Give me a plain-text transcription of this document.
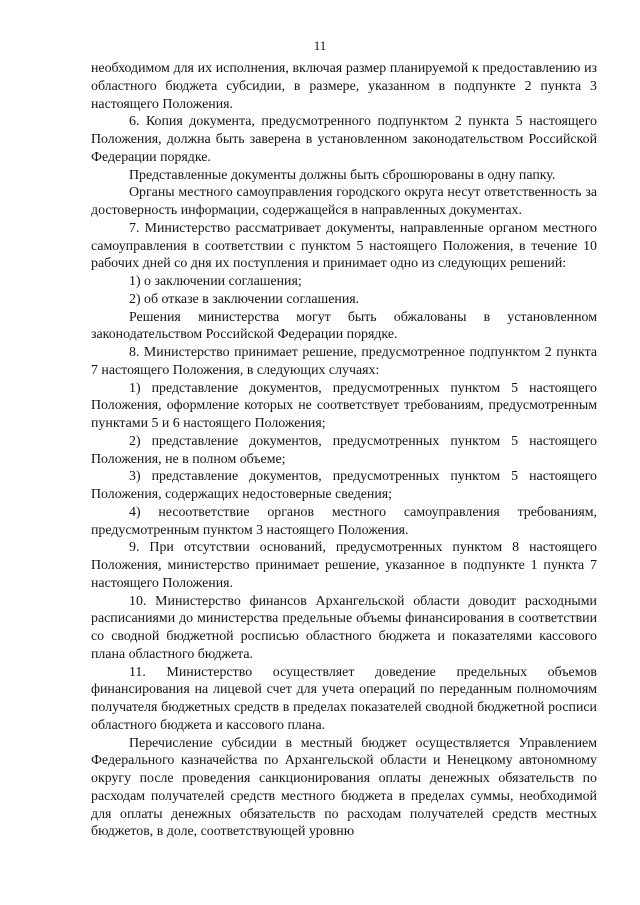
11

необходимом для их исполнения, включая размер планируемой к предоставлению из областного бюджета субсидии, в размере, указанном в подпункте 2 пункта 3 настоящего Положения.

6. Копия документа, предусмотренного подпунктом 2 пункта 5 настоящего Положения, должна быть заверена в установленном законодательством Российской Федерации порядке.

Представленные документы должны быть сброшюрованы в одну папку.

Органы местного самоуправления городского округа несут ответственность за достоверность информации, содержащейся в направленных документах.

7. Министерство рассматривает документы, направленные органом местного самоуправления в соответствии с пунктом 5 настоящего Положения, в течение 10 рабочих дней со дня их поступления и принимает одно из следующих решений:

1) о заключении соглашения;

2) об отказе в заключении соглашения.

Решения министерства могут быть обжалованы в установленном законодательством Российской Федерации порядке.

8. Министерство принимает решение, предусмотренное подпунктом 2 пункта 7 настоящего Положения, в следующих случаях:

1) представление документов, предусмотренных пунктом 5 настоящего Положения, оформление которых не соответствует требованиям, предусмотренным пунктами 5 и 6 настоящего Положения;

2) представление документов, предусмотренных пунктом 5 настоящего Положения, не в полном объеме;

3) представление документов, предусмотренных пунктом 5 настоящего Положения, содержащих недостоверные сведения;

4) несоответствие органов местного самоуправления требованиям, предусмотренным пунктом 3 настоящего Положения.

9. При отсутствии оснований, предусмотренных пунктом 8 настоящего Положения, министерство принимает решение, указанное в подпункте 1 пункта 7 настоящего Положения.

10. Министерство финансов Архангельской области доводит расходными расписаниями до министерства предельные объемы финансирования в соответствии со сводной бюджетной росписью областного бюджета и показателями кассового плана областного бюджета.

11. Министерство осуществляет доведение предельных объемов финансирования на лицевой счет для учета операций по переданным полномочиям получателя бюджетных средств в пределах показателей сводной бюджетной росписи областного бюджета и кассового плана.

Перечисление субсидии в местный бюджет осуществляется Управлением Федерального казначейства по Архангельской области и Ненецкому автономному округу после проведения санкционирования оплаты денежных обязательств по расходам получателей средств местного бюджета в пределах суммы, необходимой для оплаты денежных обязательств по расходам получателей средств местных бюджетов, в доле, соответствующей уровню
